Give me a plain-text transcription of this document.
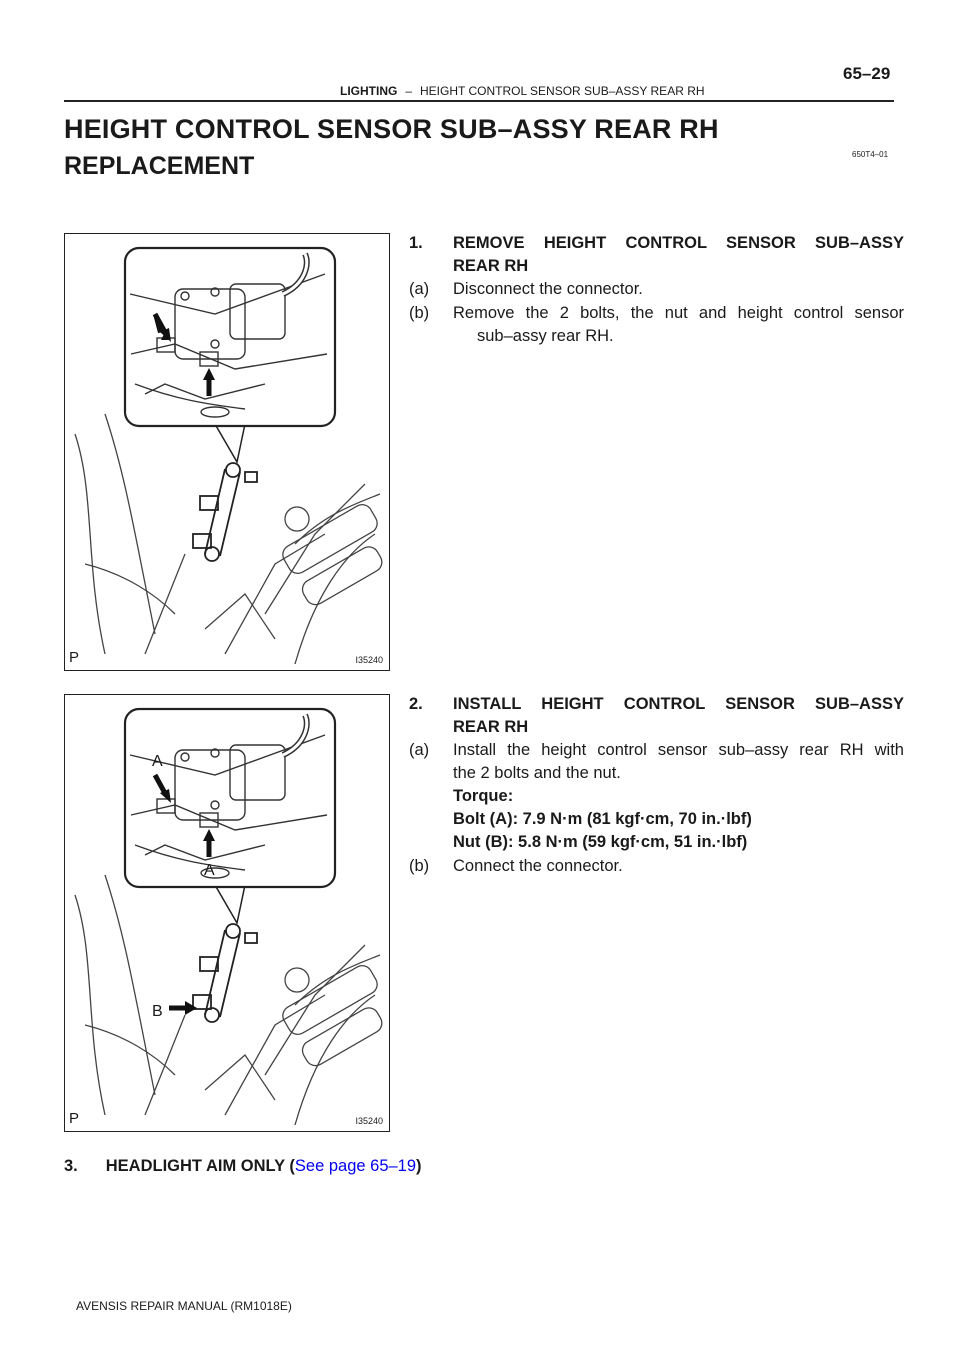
65–29
LIGHTING – HEIGHT CONTROL SENSOR SUB–ASSY REAR RH
HEIGHT CONTROL SENSOR SUB–ASSY REAR RH
REPLACEMENT	650T4–01
P	I35240
A
A
B
P	I35240
1. REMOVE HEIGHT CONTROL SENSOR SUB–ASSY
REAR RH
(a) Disconnect the connector.
(b) Remove the 2 bolts, the nut and height control sensor
sub–assy rear RH.
2. INSTALL HEIGHT CONTROL SENSOR SUB–ASSY
REAR RH
(a) Install the height control sensor sub–assy rear RH with
the 2 bolts and the nut.
Torque:
Bolt (A): 7.9 N·m (81 kgf·cm, 70 in.·lbf)
Nut (B): 5.8 N·m (59 kgf·cm, 51 in.·lbf)
(b) Connect the connector.
3. HEADLIGHT AIM ONLY (See page 65–19)
AVENSIS REPAIR MANUAL (RM1018E)
